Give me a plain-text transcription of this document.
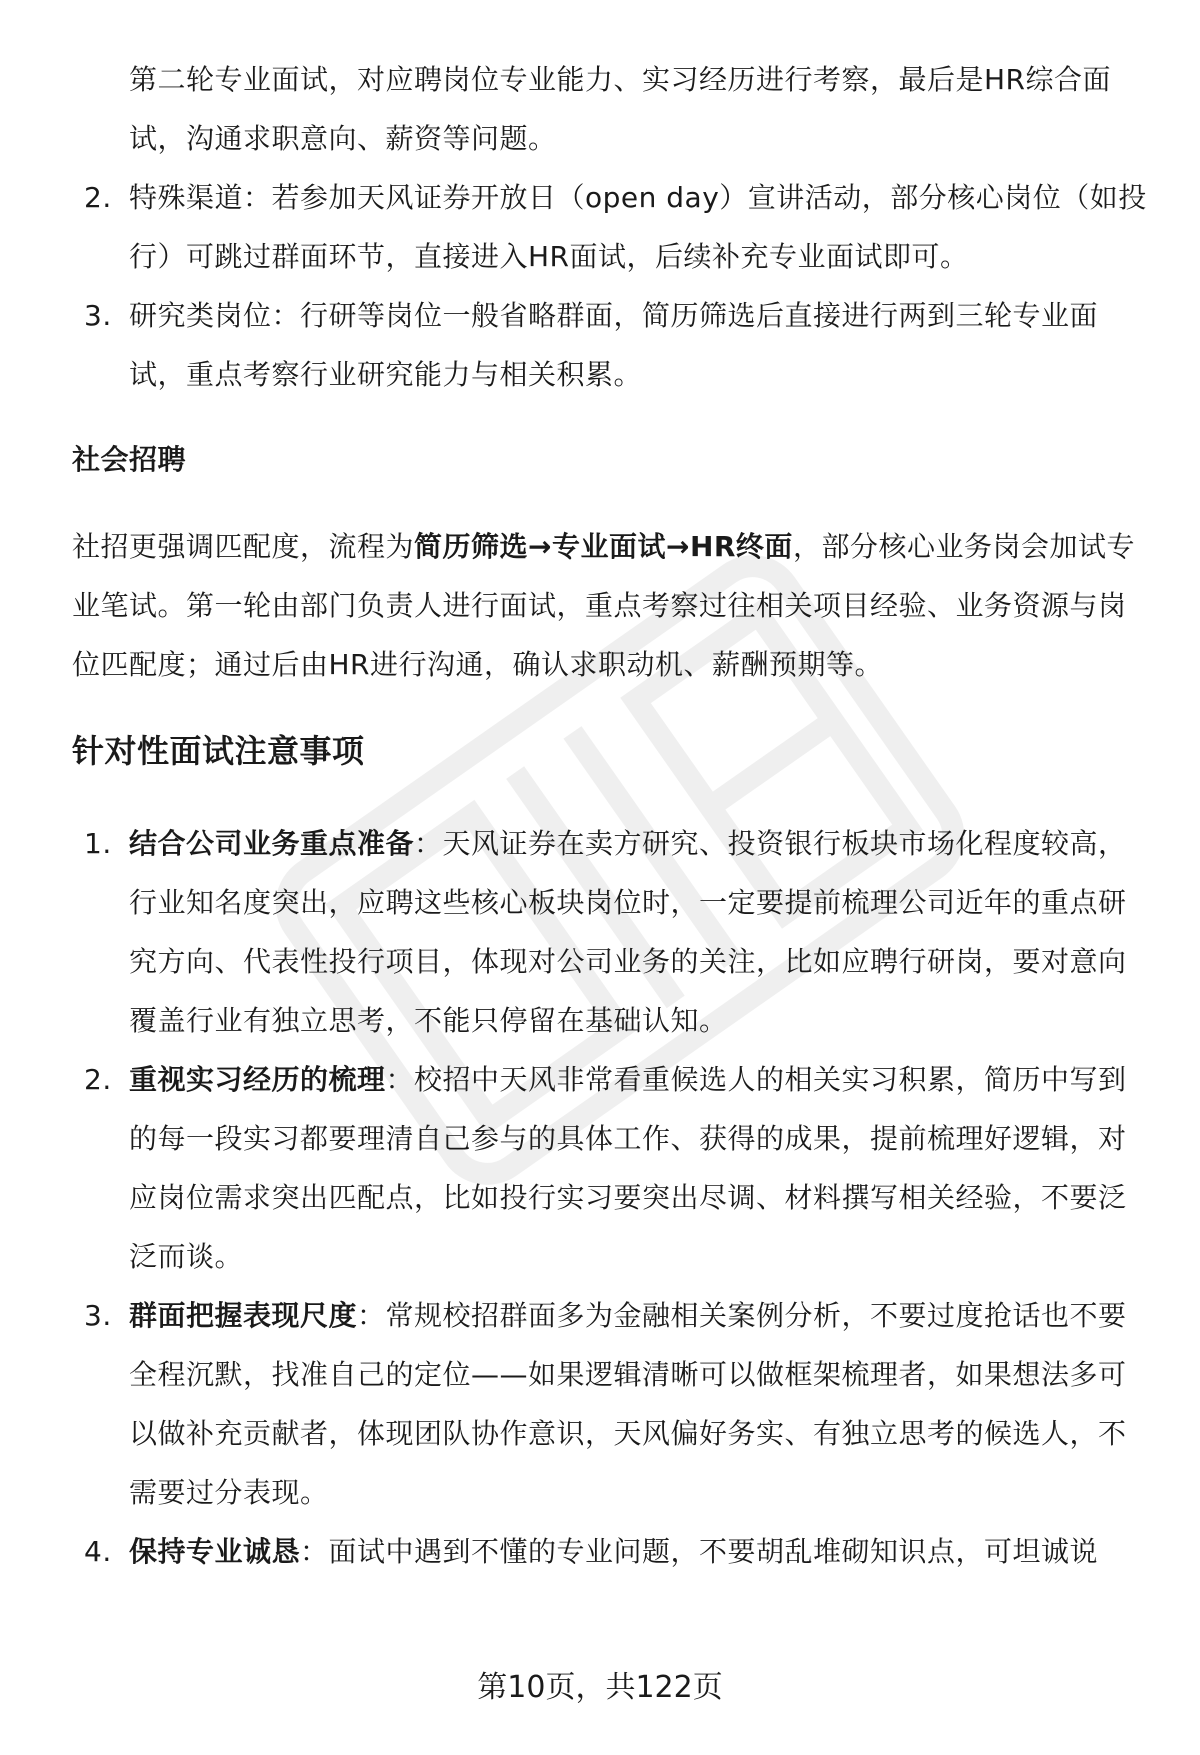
第二轮专业面试，对应聘岗位专业能力、实习经历进行考察，最后是HR综合面试，沟通求职意向、薪资等问题。

2. 特殊渠道：若参加天风证券开放日（open day）宣讲活动，部分核心岗位（如投行）可跳过群面环节，直接进入HR面试，后续补充专业面试即可。
3. 研究类岗位：行研等岗位一般省略群面，简历筛选后直接进行两到三轮专业面试，重点考察行业研究能力与相关积累。
社会招聘

社招更强调匹配度，流程为简历筛选→专业面试→HR终面，部分核心业务岗会加试专业笔试。第一轮由部门负责人进行面试，重点考察过往相关项目经验、业务资源与岗位匹配度；通过后由HR进行沟通，确认求职动机、薪酬预期等。

针对性面试注意事项
1. 结合公司业务重点准备：天风证券在卖方研究、投资银行板块市场化程度较高，行业知名度突出，应聘这些核心板块岗位时，一定要提前梳理公司近年的重点研究方向、代表性投行项目，体现对公司业务的关注，比如应聘行研岗，要对意向覆盖行业有独立思考，不能只停留在基础认知。
2. 重视实习经历的梳理：校招中天风非常看重候选人的相关实习积累，简历中写到的每一段实习都要理清自己参与的具体工作、获得的成果，提前梳理好逻辑，对应岗位需求突出匹配点，比如投行实习要突出尽调、材料撰写相关经验，不要泛泛而谈。
3. 群面把握表现尺度：常规校招群面多为金融相关案例分析，不要过度抢话也不要全程沉默，找准自己的定位——如果逻辑清晰可以做框架梳理者，如果想法多可以做补充贡献者，体现团队协作意识，天风偏好务实、有独立思考的候选人，不需要过分表现。
4. 保持专业诚恳：面试中遇到不懂的专业问题，不要胡乱堆砌知识点，可坦诚说
第10页，共122页
